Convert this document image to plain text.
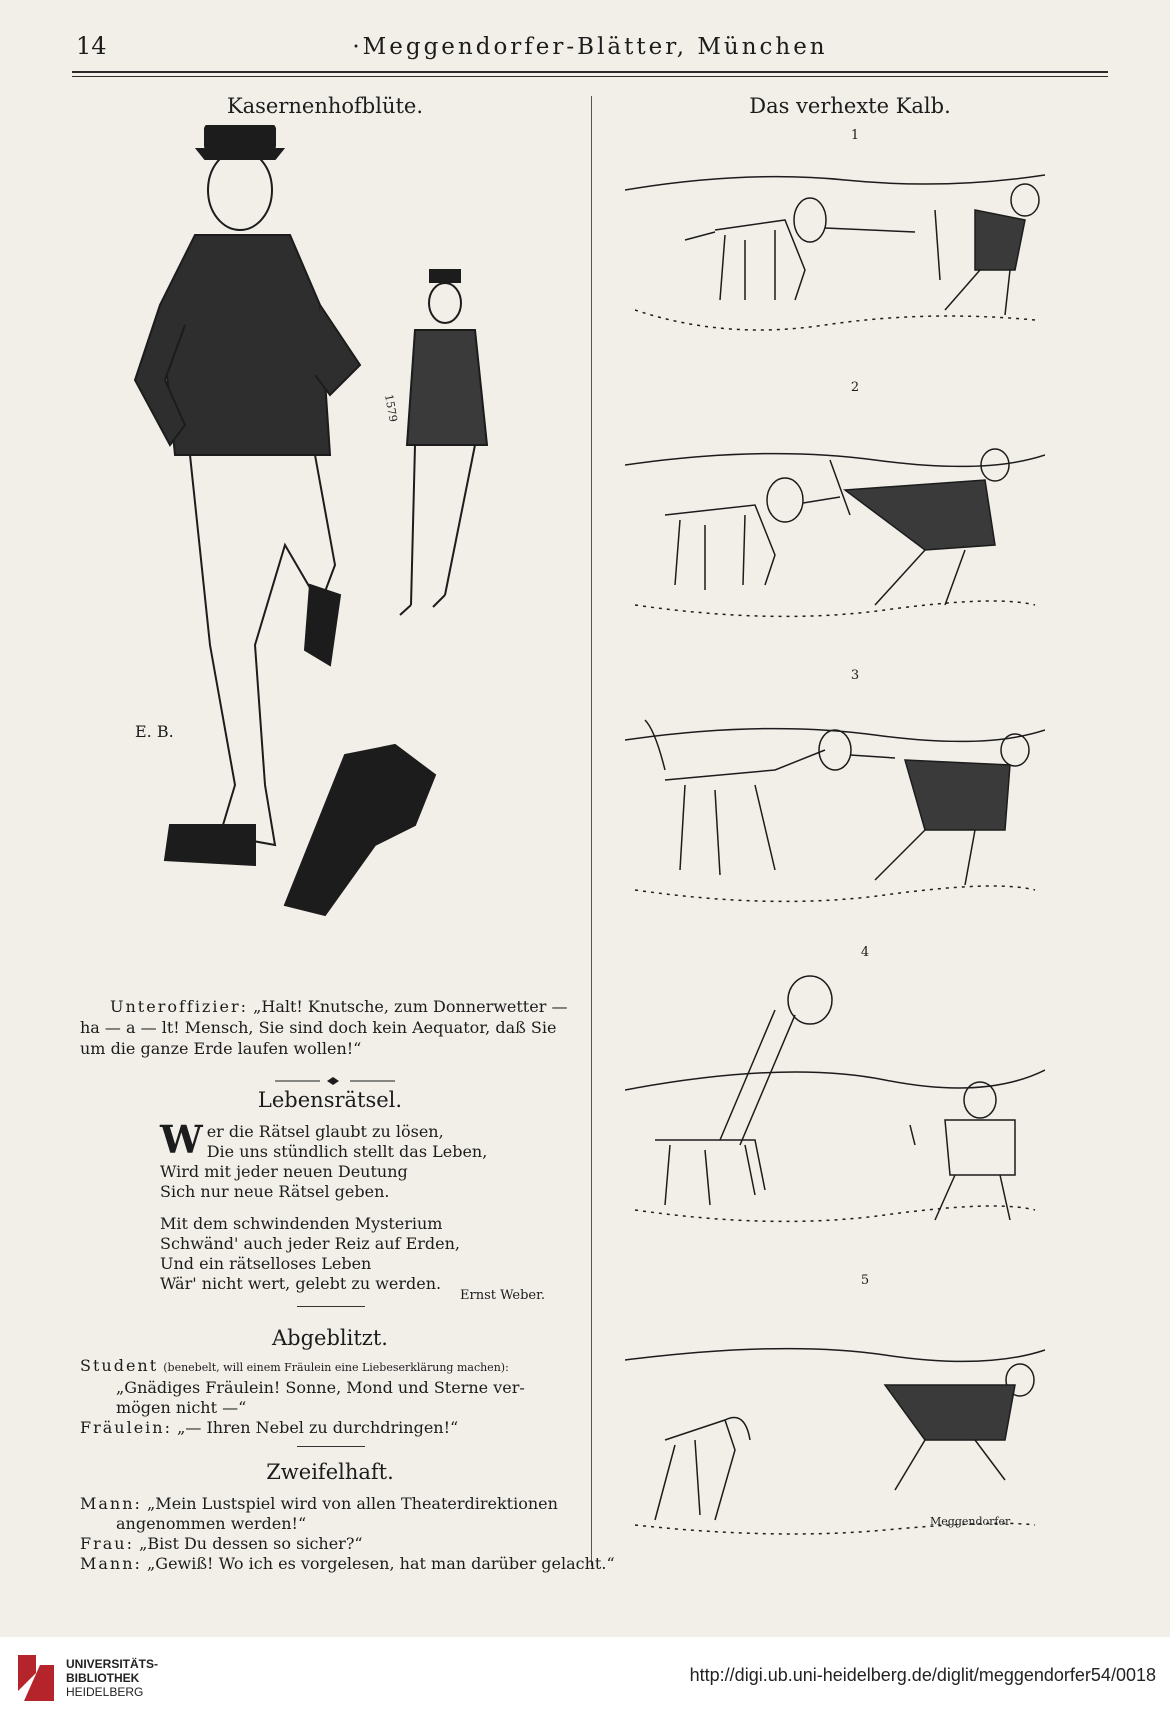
14	·Meggendorfer-Blätter, München
Kasernenhofblüte.
E. B.
1579

Unteroffizier: „Halt! Knutsche, zum Donnerwetter —

ha — a — lt! Mensch, Sie sind doch kein Aequator, daß Sie

um die ganze Erde laufen wollen!“

Lebensrätsel.
W er die Rätsel glaubt zu lösen,
Die uns stündlich stellt das Leben,
Wird mit jeder neuen Deutung
Sich nur neue Rätsel geben.
Mit dem schwindenden Mysterium
Schwänd' auch jeder Reiz auf Erden,
Und ein rätselloses Leben
Wär' nicht wert, gelebt zu werden.
Ernst Weber.
Abgeblitzt.
Student (benebelt, will einem Fräulein eine Liebeserklärung machen):
„Gnädiges Fräulein! Sonne, Mond und Sterne ver-
mögen nicht —“
Fräulein: „— Ihren Nebel zu durchdringen!“
Zweifelhaft.
Mann: „Mein Lustspiel wird von allen Theaterdirektionen
angenommen werden!“
Frau: „Bist Du dessen so sicher?“
Mann: „Gewiß! Wo ich es vorgelesen, hat man darüber gelacht.“
Das verhexte Kalb.
1
2
3
4
5
Meggendorfer
UNIVERSITÄTS-
BIBLIOTHEK
HEIDELBERG
http://digi.ub.uni-heidelberg.de/diglit/meggendorfer54/0018
